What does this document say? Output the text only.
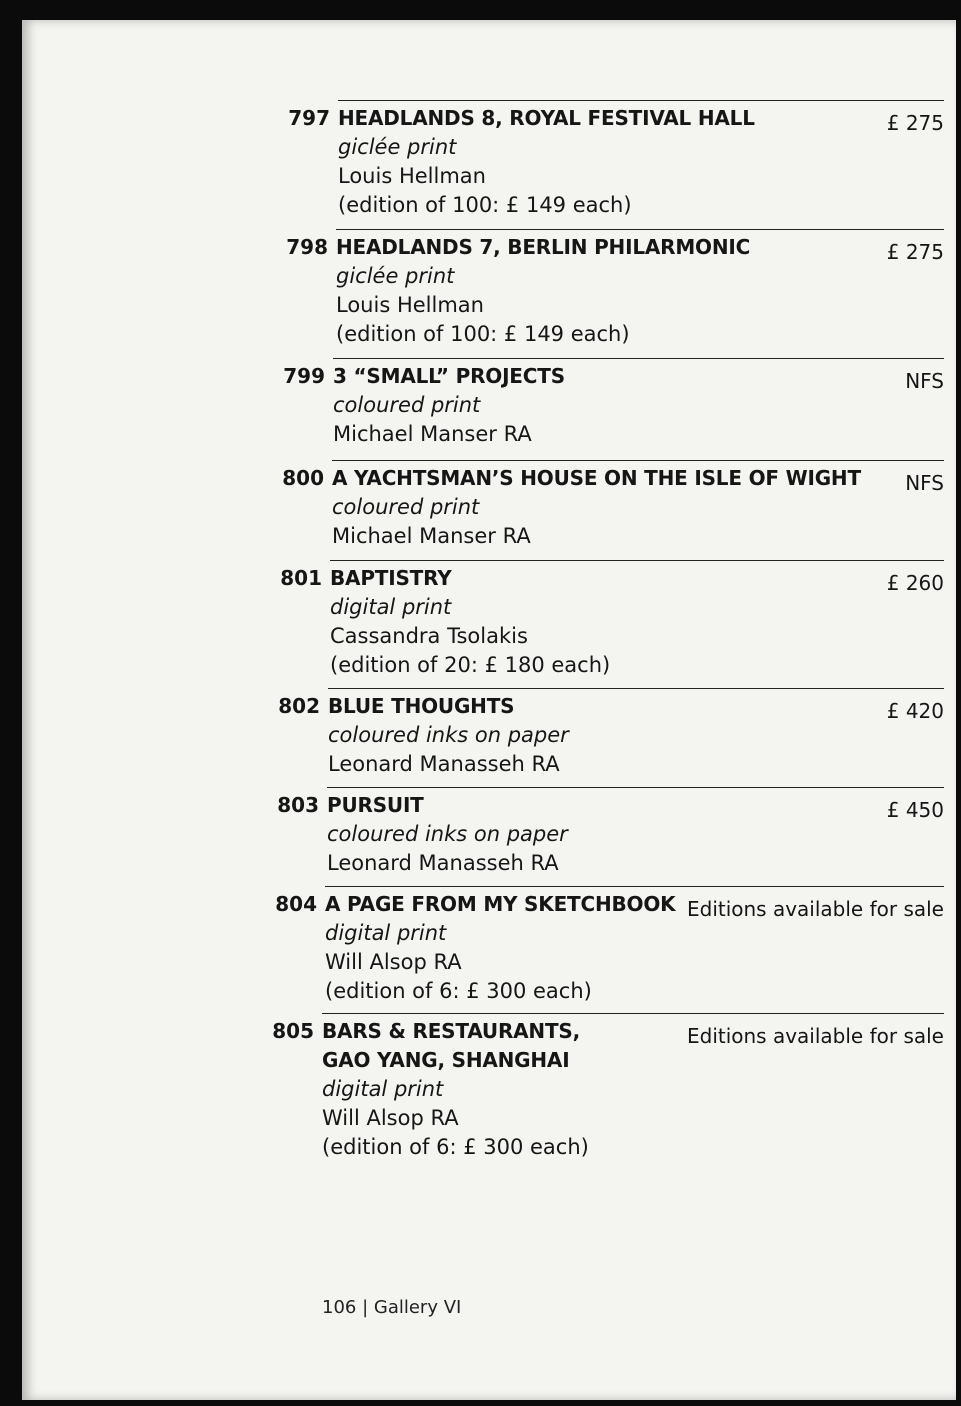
797 HEADLANDS 8, ROYAL FESTIVAL HALL
giclée print
Louis Hellman
(edition of 100: £ 149 each)
£ 275
798 HEADLANDS 7, BERLIN PHILARMONIC
giclée print
Louis Hellman
(edition of 100: £ 149 each)
£ 275
799 3 “SMALL” PROJECTS
coloured print
Michael Manser RA
NFS
800 A YACHTSMAN’S HOUSE ON THE ISLE OF WIGHT
coloured print
Michael Manser RA
NFS
801 BAPTISTRY
digital print
Cassandra Tsolakis
(edition of 20: £ 180 each)
£ 260
802 BLUE THOUGHTS
coloured inks on paper
Leonard Manasseh RA
£ 420
803 PURSUIT
coloured inks on paper
Leonard Manasseh RA
£ 450
804 A PAGE FROM MY SKETCHBOOK
digital print
Will Alsop RA
(edition of 6: £ 300 each)
Editions available for sale
805 BARS & RESTAURANTS,
GAO YANG, SHANGHAI
digital print
Will Alsop RA
(edition of 6: £ 300 each)
Editions available for sale
106 | Gallery VI
